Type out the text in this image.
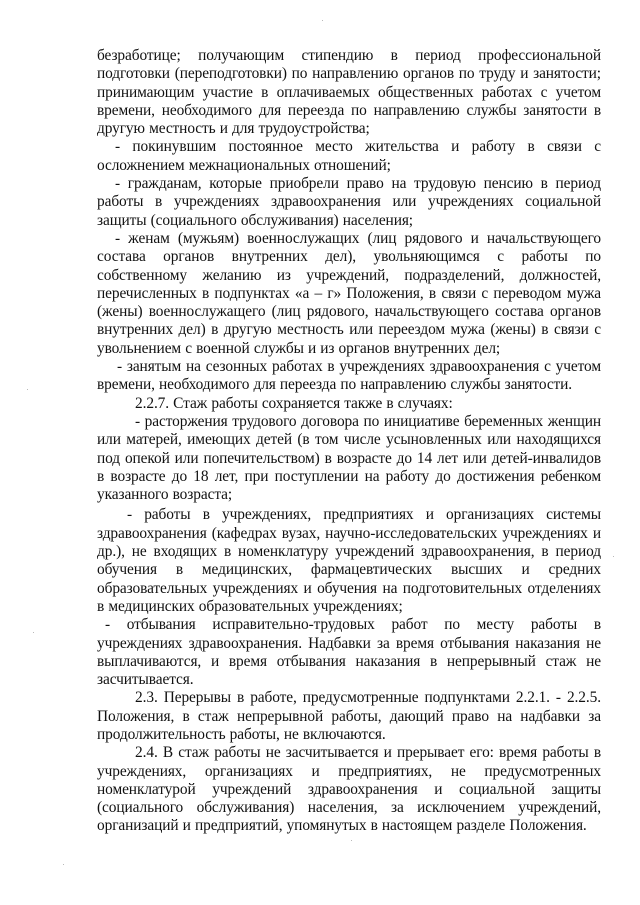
безработице; получающим стипендию в период профессиональной подготовки (переподготовки) по направлению органов по труду и занятости; принимающим участие в оплачиваемых общественных работах с учетом времени, необходимого для переезда по направлению службы занятости в другую местность и для трудоустройства;

- покинувшим постоянное место жительства и работу в связи с осложнением межнациональных отношений;

- гражданам, которые приобрели право на трудовую пенсию в период работы в учреждениях здравоохранения или учреждениях социальной защиты (социального обслуживания) населения;

- женам (мужьям) военнослужащих (лиц рядового и начальствующего состава органов внутренних дел), увольняющимся с работы по собственному желанию из учреждений, подразделений, должностей, перечисленных в подпунктах «а – г» Положения, в связи с переводом мужа (жены) военнослужащего (лиц рядового, начальствующего состава органов внутренних дел) в другую местность или переездом мужа (жены) в связи с увольнением с военной службы и из органов внутренних дел;

- занятым на сезонных работах в учреждениях здравоохранения с учетом времени, необходимого для переезда по направлению службы занятости.

2.2.7. Стаж работы сохраняется также в случаях:

- расторжения трудового договора по инициативе беременных женщин или матерей, имеющих детей (в том числе усыновленных или находящихся под опекой или попечительством) в возрасте до 14 лет или детей-инвалидов в возрасте до 18 лет, при поступлении на работу до достижения ребенком указанного возраста;

- работы в учреждениях, предприятиях и организациях системы здравоохранения (кафедрах вузах, научно-исследовательских учреждениях и др.), не входящих в номенклатуру учреждений здравоохранения, в период обучения в медицинских, фармацевтических высших и средних образовательных учреждениях и обучения на подготовительных отделениях в медицинских образовательных учреждениях;

- отбывания исправительно-трудовых работ по месту работы в учреждениях здравоохранения. Надбавки за время отбывания наказания не выплачиваются, и время отбывания наказания в непрерывный стаж не засчитывается.

2.3. Перерывы в работе, предусмотренные подпунктами 2.2.1. - 2.2.5. Положения, в стаж непрерывной работы, дающий право на надбавки за продолжительность работы, не включаются.

2.4. В стаж работы не засчитывается и прерывает его: время работы в учреждениях, организациях и предприятиях, не предусмотренных номенклатурой учреждений здравоохранения и социальной защиты (социального обслуживания) населения, за исключением учреждений, организаций и предприятий, упомянутых в настоящем разделе Положения.
